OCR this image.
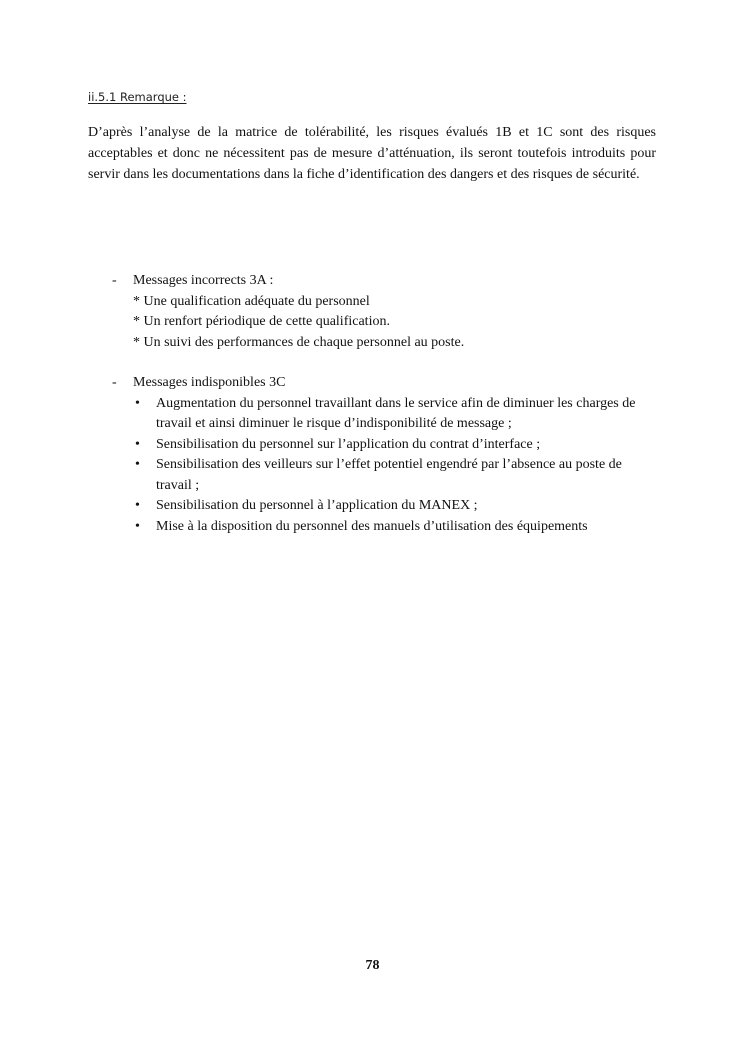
ii.5.1 Remarque :

D’après l’analyse de la matrice de tolérabilité, les risques évalués 1B et 1C sont des risques acceptables et donc ne nécessitent pas de mesure d’atténuation, ils seront toutefois introduits pour servir dans les documentations dans la fiche d’identification des dangers et des risques de sécurité.

- Messages incorrects 3A :
* Une qualification adéquate du personnel
* Un renfort périodique de cette qualification.
* Un suivi des performances de chaque personnel au poste.
- Messages indisponibles 3C
• Augmentation du personnel travaillant dans le service afin de diminuer les charges de travail et ainsi diminuer le risque d’indisponibilité de message ;
• Sensibilisation du personnel sur l’application du contrat d’interface ;
• Sensibilisation des veilleurs sur l’effet potentiel engendré par l’absence au poste de travail ;
• Sensibilisation du personnel à l’application du MANEX ;
• Mise à la disposition du personnel des manuels d’utilisation des équipements
78
